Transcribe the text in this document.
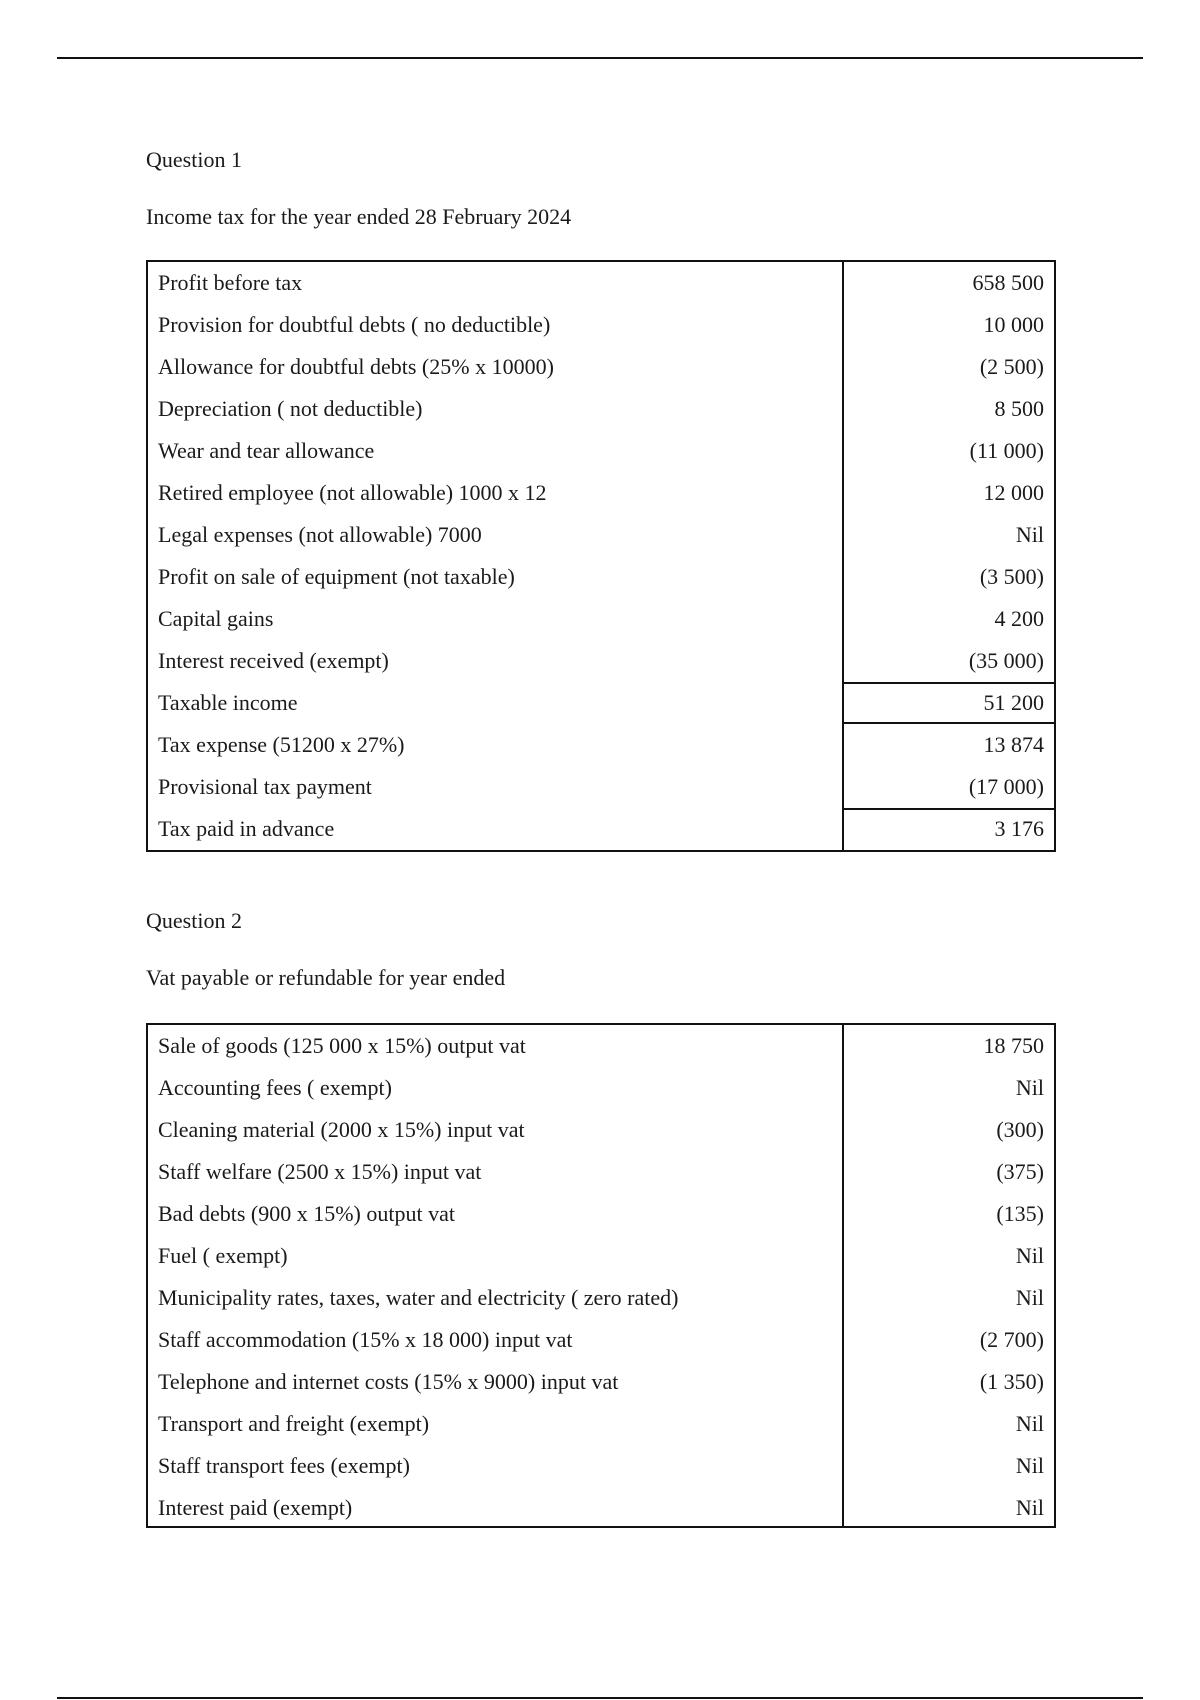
Question 1
Income tax for the year ended 28 February 2024
Profit before tax	658 500
Provision for doubtful debts ( no deductible)	10 000
Allowance for doubtful debts (25% x 10000)	(2 500)
Depreciation ( not deductible)	8 500
Wear and tear allowance	(11 000)
Retired employee (not allowable) 1000 x 12	12 000
Legal expenses (not allowable) 7000	Nil
Profit on sale of equipment (not taxable)	(3 500)
Capital gains	4 200
Interest received (exempt)	(35 000)
Taxable income	51 200
Tax expense (51200 x 27%)	13 874
Provisional tax payment	(17 000)
Tax paid in advance	3 176
Question 2
Vat payable or refundable for year ended
Sale of goods (125 000 x 15%) output vat	18 750
Accounting fees ( exempt)	Nil
Cleaning material (2000 x 15%) input vat	(300)
Staff welfare (2500 x 15%) input vat	(375)
Bad debts (900 x 15%) output vat	(135)
Fuel ( exempt)	Nil
Municipality rates, taxes, water and electricity ( zero rated)	Nil
Staff accommodation (15% x 18 000) input vat	(2 700)
Telephone and internet costs (15% x 9000) input vat	(1 350)
Transport and freight (exempt)	Nil
Staff transport fees (exempt)	Nil
Interest paid (exempt)	Nil
